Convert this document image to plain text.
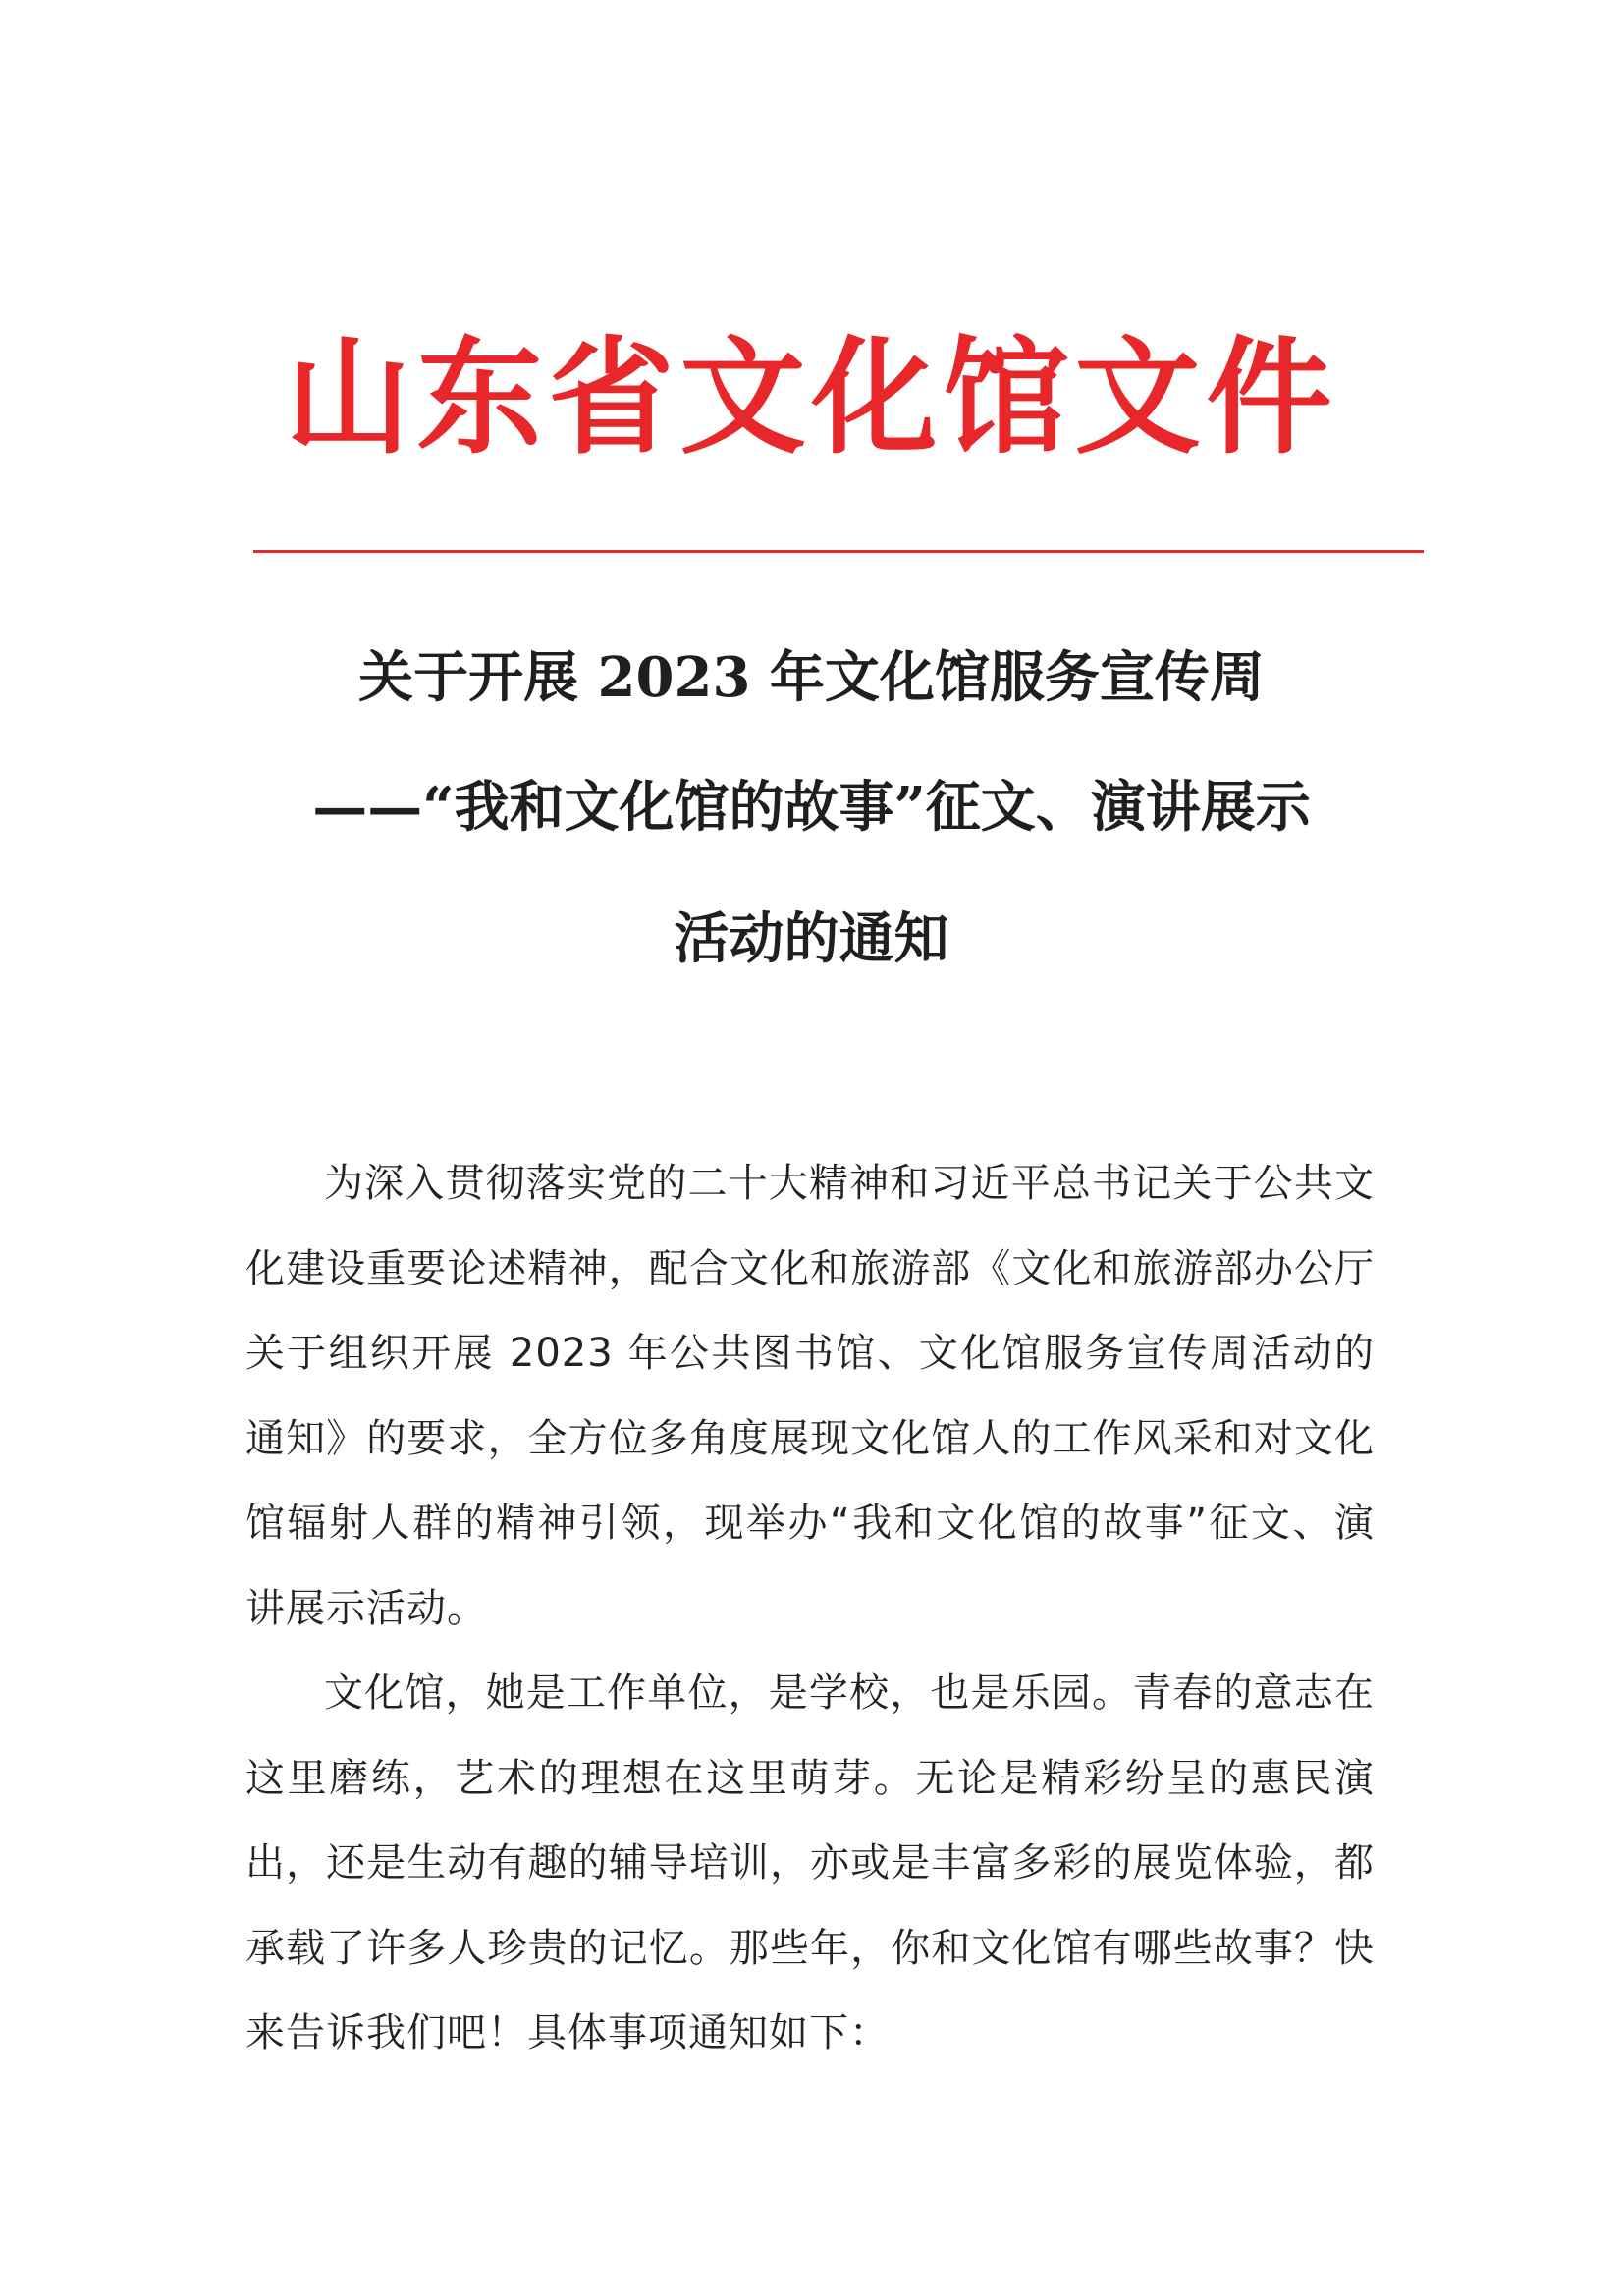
山东省文化馆文件
关于开展 2023 年文化馆服务宣传周
——“我和文化馆的故事”征文、演讲展示
活动的通知

为深入贯彻落实党的二十大精神和习近平总书记关于公共文化建设重要论述精神，配合文化和旅游部《文化和旅游部办公厅关于组织开展 2023 年公共图书馆、文化馆服务宣传周活动的通知》的要求，全方位多角度展现文化馆人的工作风采和对文化馆辐射人群的精神引领，现举办“我和文化馆的故事”征文、演讲展示活动。

文化馆，她是工作单位，是学校，也是乐园。青春的意志在这里磨练，艺术的理想在这里萌芽。无论是精彩纷呈的惠民演出，还是生动有趣的辅导培训，亦或是丰富多彩的展览体验，都承载了许多人珍贵的记忆。那些年，你和文化馆有哪些故事？快来告诉我们吧！具体事项通知如下：
